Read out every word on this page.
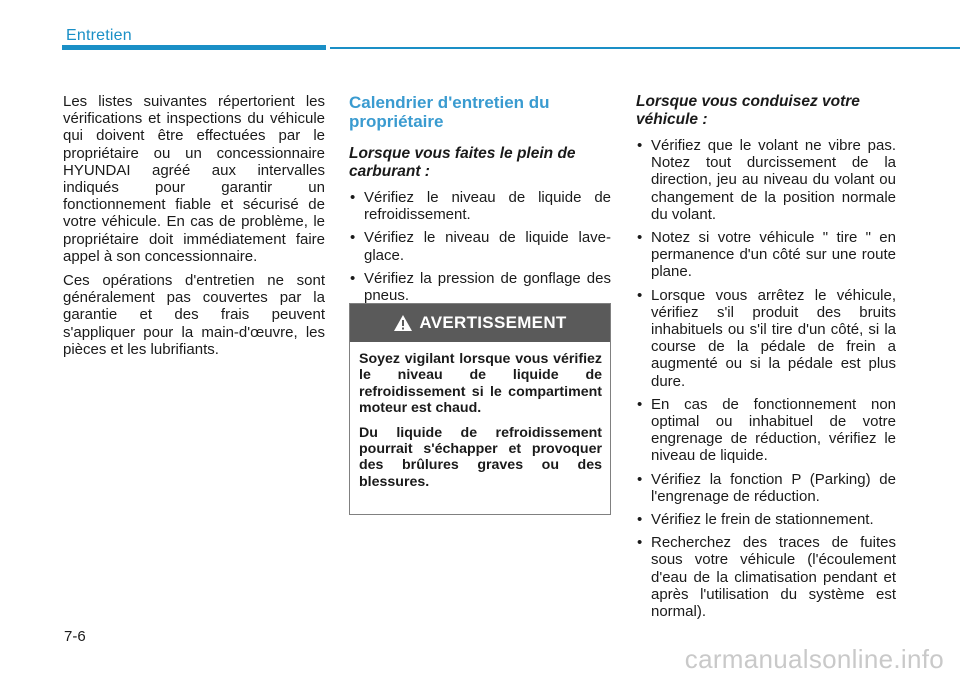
Entretien

Les listes suivantes répertorient les vérifications et inspections du véhicule qui doivent être effectuées par le propriétaire ou un concessionnaire HYUNDAI agréé aux intervalles indiqués pour garantir un fonctionnement fiable et sécurisé de votre véhicule. En cas de problème, le propriétaire doit immédiatement faire appel à son concessionnaire.

Ces opérations d'entretien ne sont généralement pas couvertes par la garantie et des frais peuvent s'appliquer pour la main-d'œuvre, les pièces et les lubrifiants.

Calendrier d'entretien du propriétaire
Lorsque vous faites le plein de carburant :
• Vérifiez le niveau de liquide de refroidissement.
• Vérifiez le niveau de liquide lave-glace.
• Vérifiez la pression de gonflage des pneus.
AVERTISSEMENT

Soyez vigilant lorsque vous vérifiez le niveau de liquide de refroidissement si le compartiment moteur est chaud.

Du liquide de refroidissement pourrait s'échapper et provoquer des brûlures graves ou des blessures.

Lorsque vous conduisez votre véhicule :
• Vérifiez que le volant ne vibre pas. Notez tout durcissement de la direction, jeu au niveau du volant ou changement de la position normale du volant.
• Notez si votre véhicule " tire " en permanence d'un côté sur une route plane.
• Lorsque vous arrêtez le véhicule, vérifiez s'il produit des bruits inhabituels ou s'il tire d'un côté, si la course de la pédale de frein a augmenté ou si la pédale est plus dure.
• En cas de fonctionnement non optimal ou inhabituel de votre engrenage de réduction, vérifiez le niveau de liquide.
• Vérifiez la fonction P (Parking) de l'engrenage de réduction.
• Vérifiez le frein de stationnement.
• Recherchez des traces de fuites sous votre véhicule (l'écoulement d'eau de la climatisation pendant et après l'utilisation du système est normal).
7-6
carmanualsonline.info
